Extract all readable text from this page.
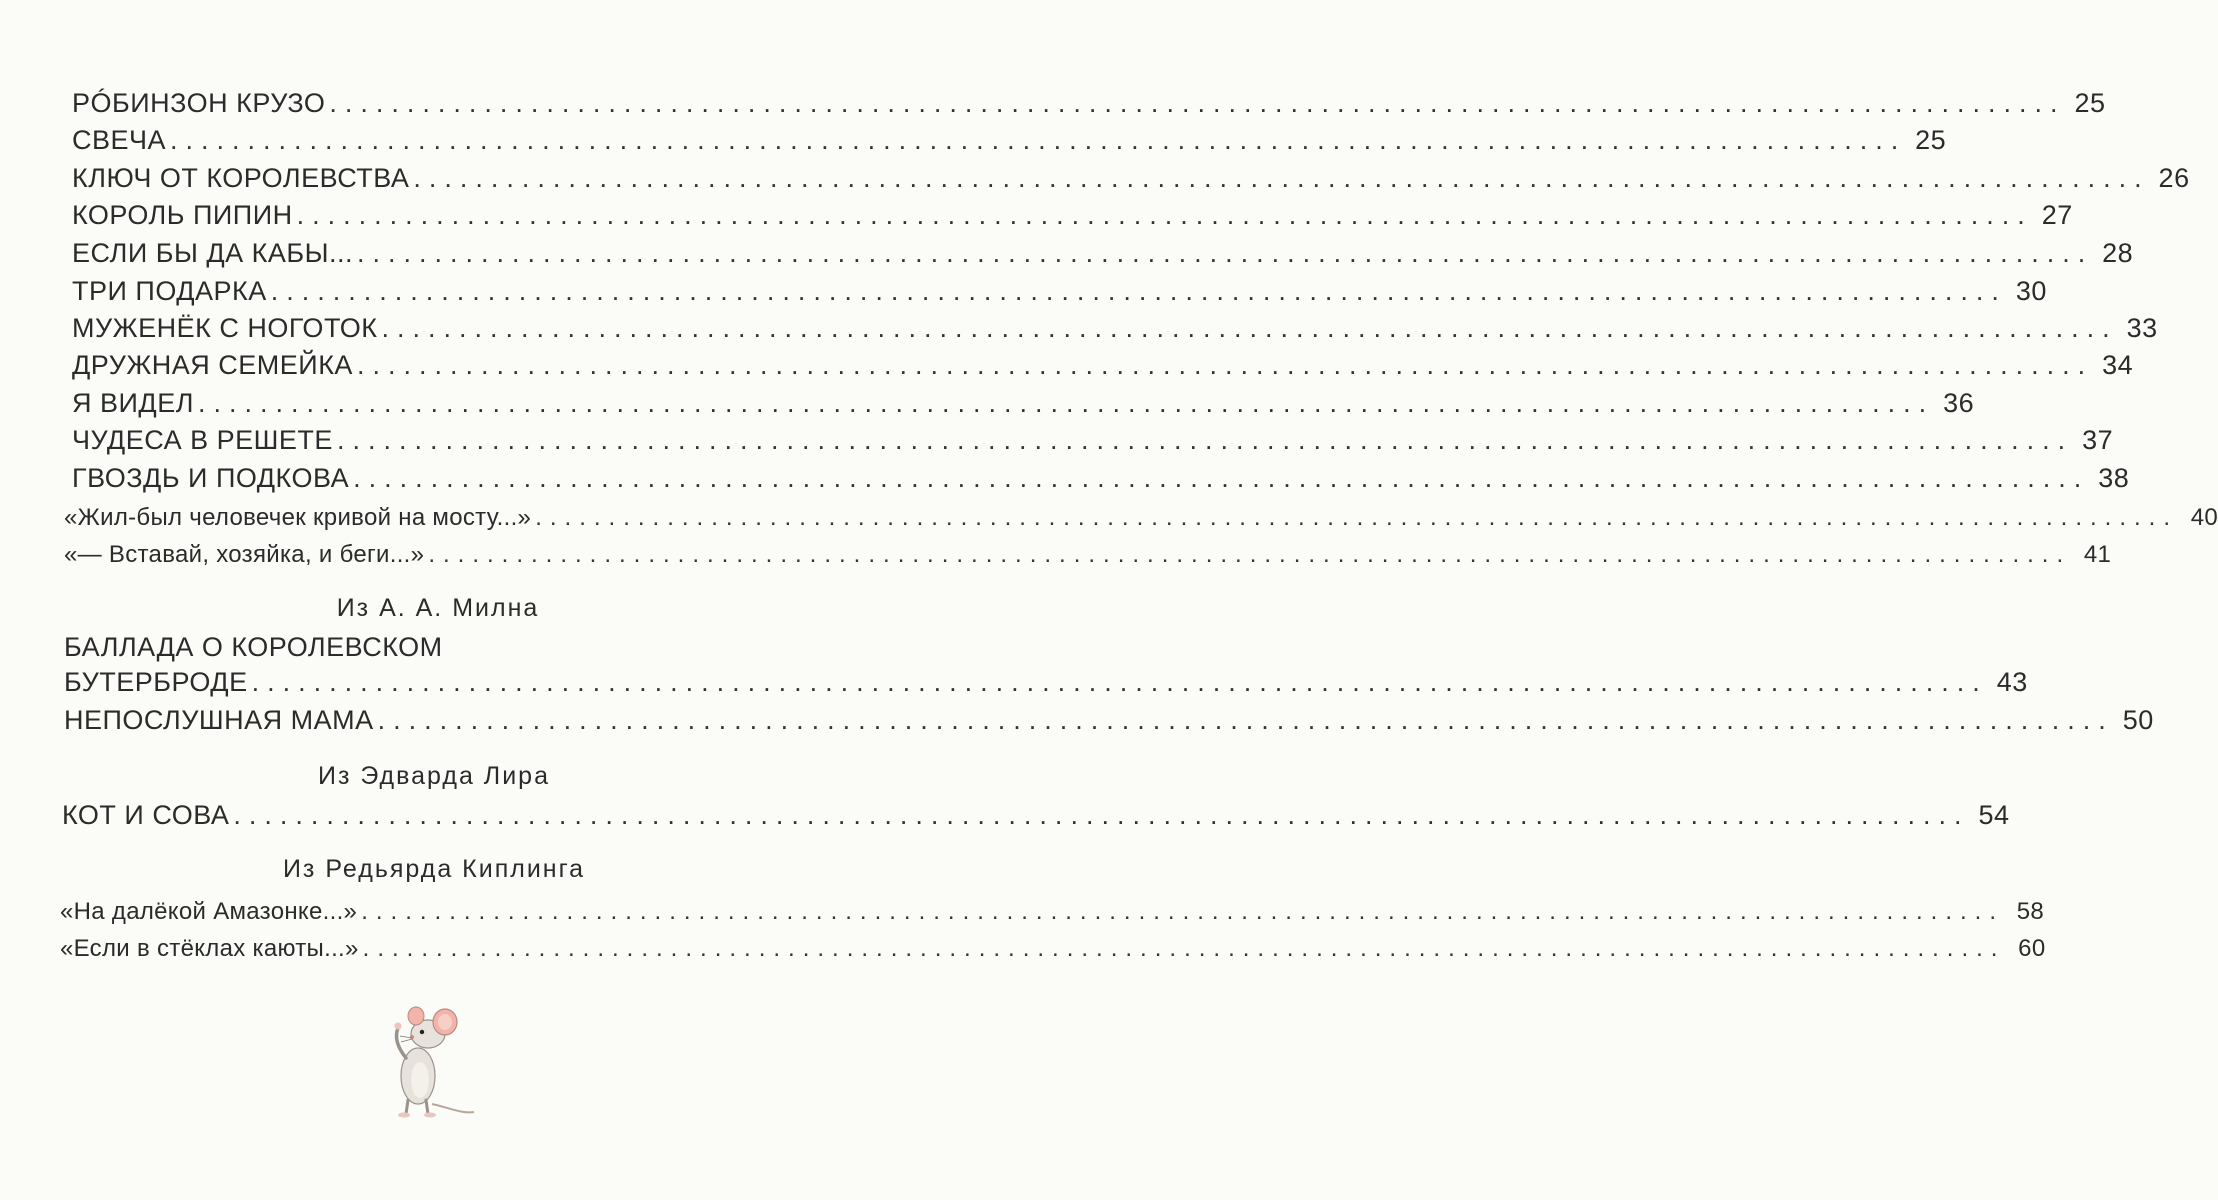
РÓБИНЗОН КРУЗО ................................................................................................................ 25
СВЕЧА ................................................................................................................ 25
КЛЮЧ ОТ КОРОЛЕВСТВА ................................................................................................................ 26
КОРОЛЬ ПИПИН ................................................................................................................ 27
ЕСЛИ БЫ ДА КАБЫ... ................................................................................................................ 28
ТРИ ПОДАРКА ................................................................................................................ 30
МУЖЕНЁК С НОГОТОК ................................................................................................................ 33
ДРУЖНАЯ СЕМЕЙКА ................................................................................................................ 34
Я ВИДЕЛ ................................................................................................................ 36
ЧУДЕСА В РЕШЕТЕ ................................................................................................................ 37
ГВОЗДЬ И ПОДКОВА ................................................................................................................ 38
«Жил-был человечек кривой на мосту...» ................................................................................................................ 40
«— Вставай, хозяйка, и беги...» ................................................................................................................ 41
Из А. А. Милна
БАЛЛАДА О КОРОЛЕВСКОМ
БУТЕРБРОДЕ ................................................................................................................ 43
НЕПОСЛУШНАЯ МАМА ................................................................................................................ 50
Из Эдварда Лира
КОТ И СОВА ................................................................................................................ 54
Из Редьярда Киплинга
«На далёкой Амазонке...» ................................................................................................................ 58
«Если в стёклах каюты...» ................................................................................................................ 60
